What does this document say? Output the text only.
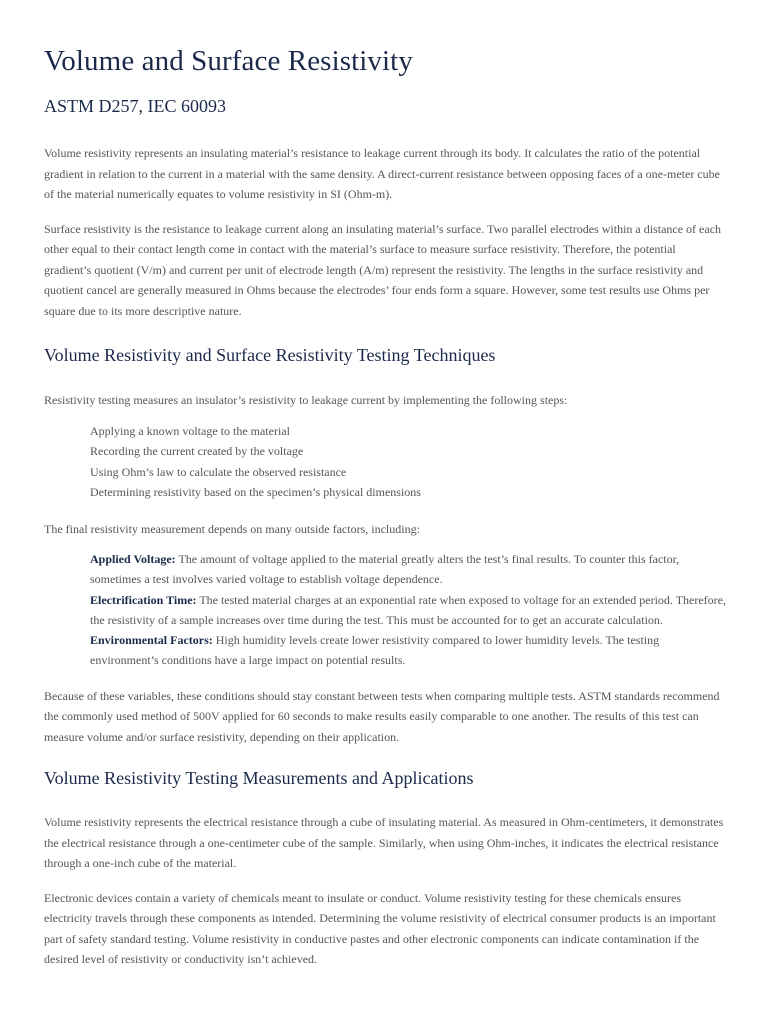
Volume and Surface Resistivity
ASTM D257, IEC 60093

Volume resistivity represents an insulating material’s resistance to leakage current through its body. It calculates the ratio of the potential gradient in relation to the current in a material with the same density. A direct-current resistance between opposing faces of a one-meter cube of the material numerically equates to volume resistivity in SI (Ohm-m).

Surface resistivity is the resistance to leakage current along an insulating material’s surface. Two parallel electrodes within a distance of each other equal to their contact length come in contact with the material’s surface to measure surface resistivity. Therefore, the potential gradient’s quotient (V/m) and current per unit of electrode length (A/m) represent the resistivity. The lengths in the surface resistivity and quotient cancel are generally measured in Ohms because the electrodes’ four ends form a square. However, some test results use Ohms per square due to its more descriptive nature.

Volume Resistivity and Surface Resistivity Testing Techniques

Resistivity testing measures an insulator’s resistivity to leakage current by implementing the following steps:

Applying a known voltage to the material
Recording the current created by the voltage
Using Ohm’s law to calculate the observed resistance
Determining resistivity based on the specimen’s physical dimensions

The final resistivity measurement depends on many outside factors, including:

Applied Voltage: The amount of voltage applied to the material greatly alters the test’s final results. To counter this factor, sometimes a test involves varied voltage to establish voltage dependence.

Electrification Time: The tested material charges at an exponential rate when exposed to voltage for an extended period. Therefore, the resistivity of a sample increases over time during the test. This must be accounted for to get an accurate calculation.

Environmental Factors: High humidity levels create lower resistivity compared to lower humidity levels. The testing environment’s conditions have a large impact on potential results.

Because of these variables, these conditions should stay constant between tests when comparing multiple tests. ASTM standards recommend the commonly used method of 500V applied for 60 seconds to make results easily comparable to one another. The results of this test can measure volume and/or surface resistivity, depending on their application.

Volume Resistivity Testing Measurements and Applications

Volume resistivity represents the electrical resistance through a cube of insulating material. As measured in Ohm-centimeters, it demonstrates the electrical resistance through a one-centimeter cube of the sample. Similarly, when using Ohm-inches, it indicates the electrical resistance through a one-inch cube of the material.

Electronic devices contain a variety of chemicals meant to insulate or conduct. Volume resistivity testing for these chemicals ensures electricity travels through these components as intended. Determining the volume resistivity of electrical consumer products is an important part of safety standard testing. Volume resistivity in conductive pastes and other electronic components can indicate contamination if the desired level of resistivity or conductivity isn’t achieved.
